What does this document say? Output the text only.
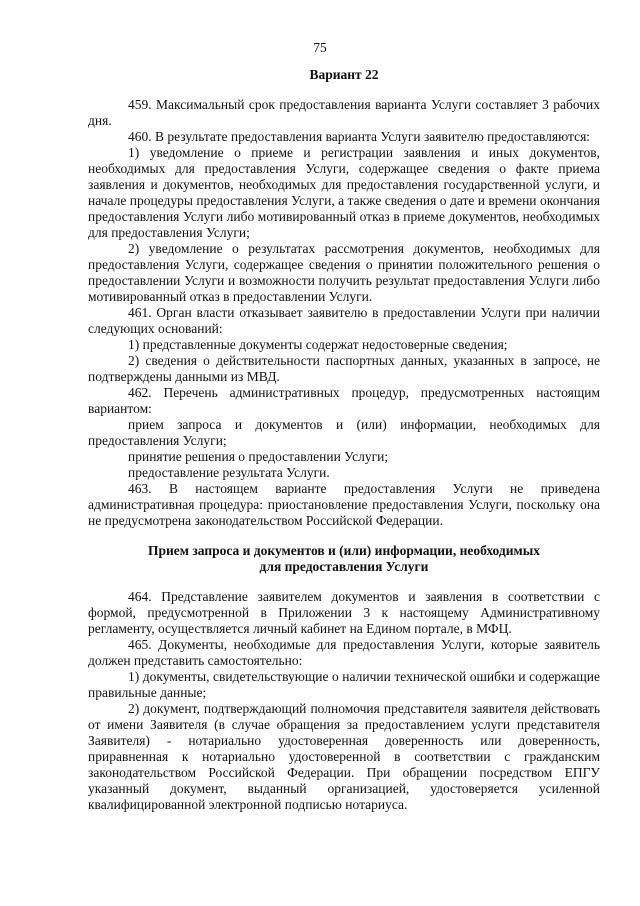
75
Вариант 22

459. Максимальный срок предоставления варианта Услуги составляет 3 рабочих дня.

460. В результате предоставления варианта Услуги заявителю предоставляются:

1) уведомление о приеме и регистрации заявления и иных документов, необходимых для предоставления Услуги, содержащее сведения о факте приема заявления и документов, необходимых для предоставления государственной услуги, и начале процедуры предоставления Услуги, а также сведения о дате и времени окончания предоставления Услуги либо мотивированный отказ в приеме документов, необходимых для предоставления Услуги;

2) уведомление о результатах рассмотрения документов, необходимых для предоставления Услуги, содержащее сведения о принятии положительного решения о предоставлении Услуги и возможности получить результат предоставления Услуги либо мотивированный отказ в предоставлении Услуги.

461. Орган власти отказывает заявителю в предоставлении Услуги при наличии следующих оснований:

1) представленные документы содержат недостоверные сведения;

2) сведения о действительности паспортных данных, указанных в запросе, не подтверждены данными из МВД.

462. Перечень административных процедур, предусмотренных настоящим вариантом:

прием запроса и документов и (или) информации, необходимых для предоставления Услуги;

принятие решения о предоставлении Услуги;

предоставление результата Услуги.

463. В настоящем варианте предоставления Услуги не приведена административная процедура: приостановление предоставления Услуги, поскольку она не предусмотрена законодательством Российской Федерации.

Прием запроса и документов и (или) информации, необходимых
для предоставления Услуги

464. Представление заявителем документов и заявления в соответствии с формой, предусмотренной в Приложении 3 к настоящему Административному регламенту, осуществляется личный кабинет на Едином портале, в МФЦ.

465. Документы, необходимые для предоставления Услуги, которые заявитель должен представить самостоятельно:

1) документы, свидетельствующие о наличии технической ошибки и содержащие правильные данные;

2) документ, подтверждающий полномочия представителя заявителя действовать от имени Заявителя (в случае обращения за предоставлением услуги представителя Заявителя) - нотариально удостоверенная доверенность или доверенность, приравненная к нотариально удостоверенной в соответствии с гражданским законодательством Российской Федерации. При обращении посредством ЕПГУ указанный документ, выданный организацией, удостоверяется усиленной квалифицированной электронной подписью нотариуса.
